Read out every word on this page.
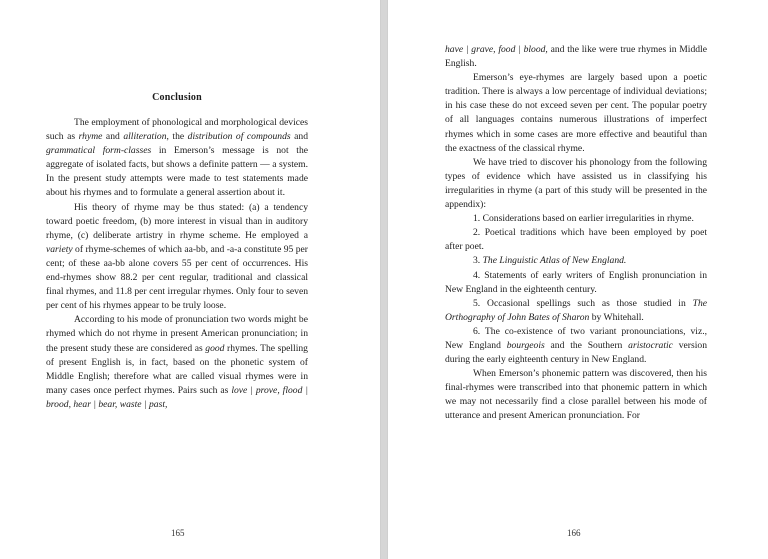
Conclusion

The employment of phonological and morphological devices such as rhyme and alliteration, the distribution of compounds and grammatical form-classes in Emerson’s message is not the aggregate of isolated facts, but shows a definite pattern — a system. In the present study attempts were made to test statements made about his rhymes and to formulate a general assertion about it.

His theory of rhyme may be thus stated: (a) a tendency toward poetic freedom, (b) more interest in visual than in auditory rhyme, (c) deliberate artistry in rhyme scheme. He employed a variety of rhyme-schemes of which aa-bb, and -a-a constitute 95 per cent; of these aa-bb alone covers 55 per cent of occurrences. His end-rhymes show 88.2 per cent regular, traditional and classical final rhymes, and 11.8 per cent irregular rhymes. Only four to seven per cent of his rhymes appear to be truly loose.

According to his mode of pronunciation two words might be rhymed which do not rhyme in present American pronunciation; in the present study these are considered as good rhymes. The spelling of present English is, in fact, based on the phonetic system of Middle English; therefore what are called visual rhymes were in many cases once perfect rhymes. Pairs such as love | prove, flood | brood, hear | bear, waste | past,

165

have | grave, food | blood, and the like were true rhymes in Middle English.

Emerson’s eye-rhymes are largely based upon a poetic tradition. There is always a low percentage of individual deviations; in his case these do not exceed seven per cent. The popular poetry of all languages contains numerous illustrations of imperfect rhymes which in some cases are more effective and beautiful than the exactness of the classical rhyme.

We have tried to discover his phonology from the following types of evidence which have assisted us in classifying his irregularities in rhyme (a part of this study will be presented in the appendix):

1. Considerations based on earlier irregularities in rhyme.

2. Poetical traditions which have been employed by poet after poet.

3. The Linguistic Atlas of New England.

4. Statements of early writers of English pronunciation in New England in the eighteenth century.

5. Occasional spellings such as those studied in The Orthography of John Bates of Sharon by Whitehall.

6. The co-existence of two variant pronounciations, viz., New England bourgeois and the Southern aristocratic version during the early eighteenth century in New England.

When Emerson’s phonemic pattern was discovered, then his final-rhymes were transcribed into that phonemic pattern in which we may not necessarily find a close parallel between his mode of utterance and present American pronunciation. For

166
